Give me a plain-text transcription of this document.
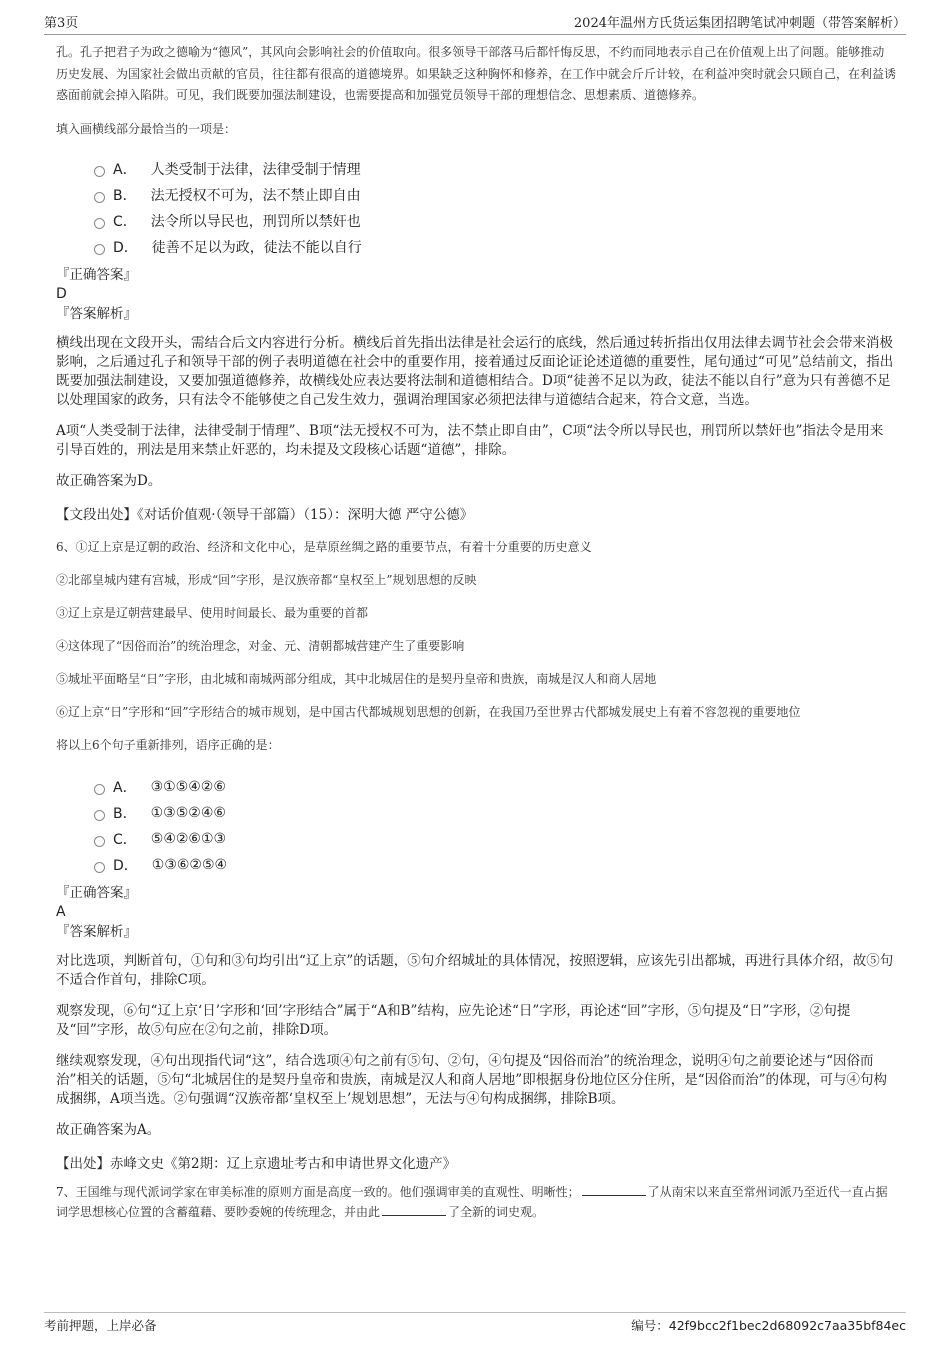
第3页	2024年温州方氏货运集团招聘笔试冲刺题（带答案解析）

孔。孔子把君子为政之德喻为“德风”，其风向会影响社会的价值取向。很多领导干部落马后都忏悔反思，不约而同地表示自己在价值观上出了问题。能够推动历史发展、为国家社会做出贡献的官员，往往都有很高的道德境界。如果缺乏这种胸怀和修养，在工作中就会斤斤计较，在利益冲突时就会只顾自己，在利益诱惑面前就会掉入陷阱。可见，我们既要加强法制建设，也需要提高和加强党员领导干部的理想信念、思想素质、道德修养。

填入画横线部分最恰当的一项是：

A． 人类受制于法律，法律受制于情理
B． 法无授权不可为，法不禁止即自由
C． 法令所以导民也，刑罚所以禁奸也
D． 徒善不足以为政，徒法不能以自行

『正确答案』

D

『答案解析』

横线出现在文段开头，需结合后文内容进行分析。横线后首先指出法律是社会运行的底线，然后通过转折指出仅用法律去调节社会会带来消极影响，之后通过孔子和领导干部的例子表明道德在社会中的重要作用，接着通过反面论证论述道德的重要性，尾句通过“可见”总结前文，指出既要加强法制建设，又要加强道德修养，故横线处应表达要将法制和道德相结合。D项“徒善不足以为政，徒法不能以自行”意为只有善德不足以处理国家的政务，只有法令不能够使之自己发生效力，强调治理国家必须把法律与道德结合起来，符合文意，当选。

A项“人类受制于法律，法律受制于情理”、B项“法无授权不可为，法不禁止即自由”，C项“法令所以导民也，刑罚所以禁奸也”指法令是用来引导百姓的，刑法是用来禁止奸恶的，均未提及文段核心话题“道德”，排除。

故正确答案为D。

【文段出处】《对话价值观·（领导干部篇）（15）：深明大德 严守公德》

6、①辽上京是辽朝的政治、经济和文化中心，是草原丝绸之路的重要节点，有着十分重要的历史意义

②北部皇城内建有宫城，形成“回”字形，是汉族帝都“皇权至上”规划思想的反映

③辽上京是辽朝营建最早、使用时间最长、最为重要的首都

④这体现了“因俗而治”的统治理念，对金、元、清朝都城营建产生了重要影响

⑤城址平面略呈“日”字形，由北城和南城两部分组成，其中北城居住的是契丹皇帝和贵族，南城是汉人和商人居地

⑥辽上京“日”字形和“回”字形结合的城市规划，是中国古代都城规划思想的创新，在我国乃至世界古代都城发展史上有着不容忽视的重要地位

将以上6个句子重新排列，语序正确的是：

A． ③①⑤④②⑥
B． ①③⑤②④⑥
C． ⑤④②⑥①③
D． ①③⑥②⑤④

『正确答案』

A

『答案解析』

对比选项，判断首句，①句和③句均引出“辽上京”的话题，⑤句介绍城址的具体情况，按照逻辑，应该先引出都城，再进行具体介绍，故⑤句不适合作首句，排除C项。

观察发现，⑥句“辽上京‘日’字形和‘回’字形结合”属于“A和B”结构，应先论述“日”字形，再论述“回”字形，⑤句提及“日”字形，②句提及“回”字形，故⑤句应在②句之前，排除D项。

继续观察发现，④句出现指代词“这”，结合选项④句之前有⑤句、②句，④句提及“因俗而治”的统治理念，说明④句之前要论述与“因俗而治”相关的话题，⑤句“北城居住的是契丹皇帝和贵族，南城是汉人和商人居地”即根据身份地位区分住所，是“因俗而治”的体现，可与④句构成捆绑，A项当选。②句强调“汉族帝都‘皇权至上’规划思想”，无法与④句构成捆绑，排除B项。

故正确答案为A。

【出处】赤峰文史《第2期：辽上京遗址考古和申请世界文化遗产》

7、王国维与现代派词学家在审美标准的原则方面是高度一致的。他们强调审美的直观性、明晰性；	了从南宋以来直至常州词派乃至近代一直占据词学思想核心位置的含蓄蕴藉、要眇委婉的传统理念，并由此	了全新的词史观。

考前押题，上岸必备	编号：42f9bcc2f1bec2d68092c7aa35bf84ec
